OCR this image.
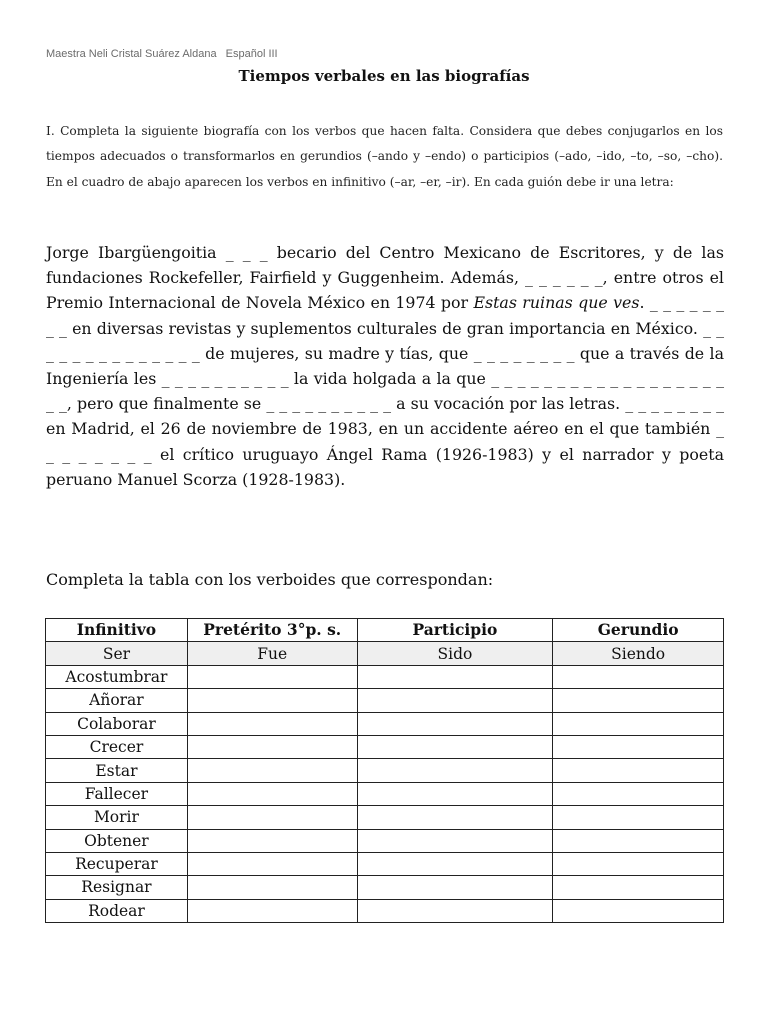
Maestra Neli Cristal Suárez Aldana Español III
Tiempos verbales en las biografías
I. Completa la siguiente biografía con los verbos que hacen falta. Considera que debes conjugarlos en los tiempos adecuados o transformarlos en gerundios (–ando y –endo) o participios (–ado, –ido, –to, –so, –cho). En el cuadro de abajo aparecen los verbos en infinitivo (–ar, –er, –ir). En cada guión debe ir una letra:
Jorge Ibargüengoitia _ _ _ becario del Centro Mexicano de Escritores, y de las fundaciones Rockefeller, Fairfield y Guggenheim. Además, _ _ _ _ _ _, entre otros el Premio Internacional de Novela México en 1974 por Estas ruinas que ves. _ _ _ _ _ _ _ _ en diversas revistas y suplementos culturales de gran importancia en México. _ _ _ _ _ _ _ _ _ _ _ _ _ _ de mujeres, su madre y tías, que _ _ _ _ _ _ _ _ que a través de la Ingeniería les _ _ _ _ _ _ _ _ _ _ la vida holgada a la que _ _ _ _ _ _ _ _ _ _ _ _ _ _ _ _ _ _ _ _, pero que finalmente se _ _ _ _ _ _ _ _ _ _ a su vocación por las letras. _ _ _ _ _ _ _ _ en Madrid, el 26 de noviembre de 1983, en un accidente aéreo en el que también _ _ _ _ _ _ _ _ el crítico uruguayo Ángel Rama (1926-1983) y el narrador y poeta peruano Manuel Scorza (1928-1983).
Completa la tabla con los verboides que correspondan:
Infinitivo	Pretérito 3°p. s.	Participio	Gerundio
Ser	Fue	Sido	Siendo
Acostumbrar			
Añorar			
Colaborar			
Crecer			
Estar			
Fallecer			
Morir			
Obtener			
Recuperar			
Resignar			
Rodear			
